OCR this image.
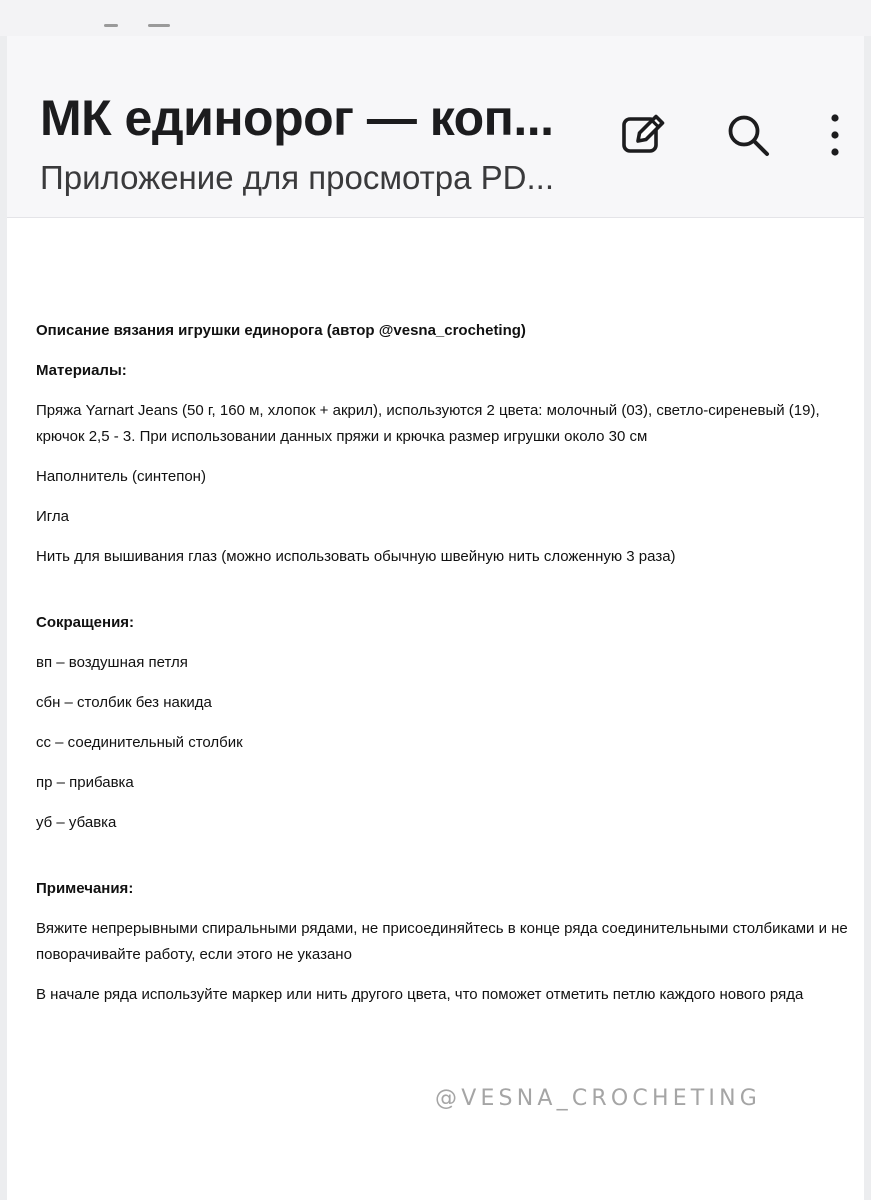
МК единорог — коп...
Приложение для просмотра PD...

Описание вязания игрушки единорога (автор @vesna_crocheting)

Материалы:

Пряжа Yarnart Jeans (50 г, 160 м, хлопок + акрил), используются 2 цвета: молочный (03), светло-сиреневый (19), крючок 2,5 - 3. При использовании данных пряжи и крючка размер игрушки около 30 см

Наполнитель (синтепон)

Игла

Нить для вышивания глаз (можно использовать обычную швейную нить сложенную 3 раза)

Сокращения:

вп – воздушная петля

сбн – столбик без накида

сс – соединительный столбик

пр – прибавка

уб – убавка

Примечания:

Вяжите непрерывными спиральными рядами, не присоединяйтесь в конце ряда соединительными столбиками и не поворачивайте работу, если этого не указано

В начале ряда используйте маркер или нить другого цвета, что поможет отметить петлю каждого нового ряда

@VESNA_CROCHETING
